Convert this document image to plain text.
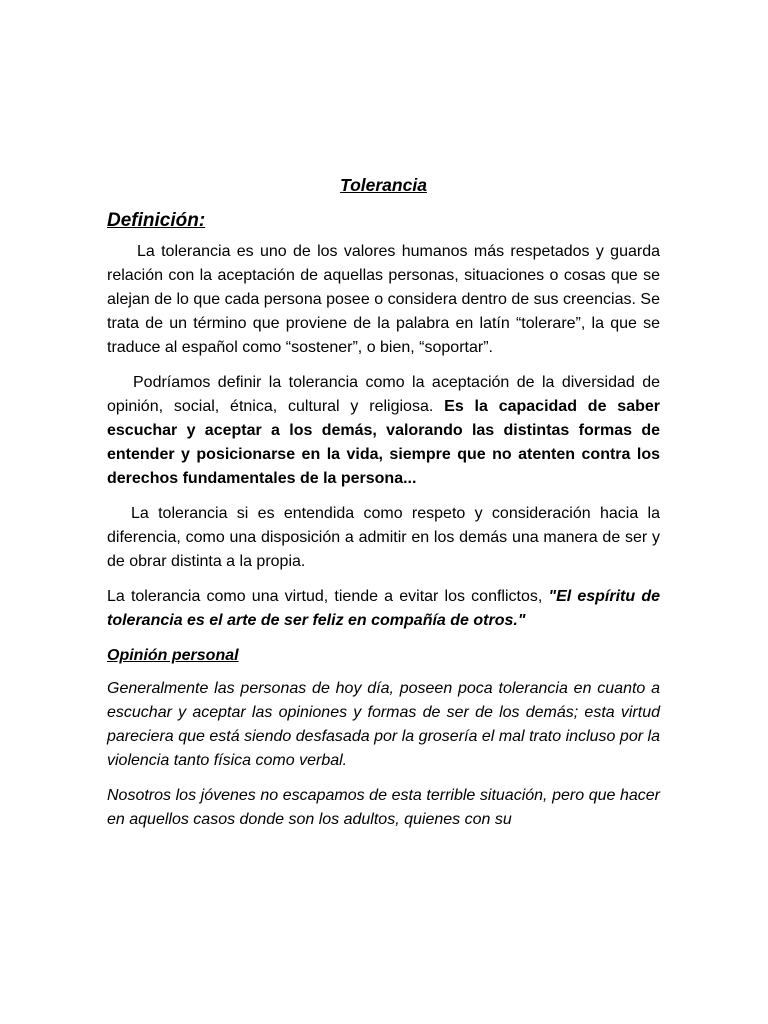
Tolerancia
Definición:

La tolerancia es uno de los valores humanos más respetados y guarda relación con la aceptación de aquellas personas, situaciones o cosas que se alejan de lo que cada persona posee o considera dentro de sus creencias. Se trata de un término que proviene de la palabra en latín “tolerare”, la que se traduce al español como “sostener”, o bien, “soportar”.

Podríamos definir la tolerancia como la aceptación de la diversidad de opinión, social, étnica, cultural y religiosa. Es la capacidad de saber escuchar y aceptar a los demás, valorando las distintas formas de entender y posicionarse en la vida, siempre que no atenten contra los derechos fundamentales de la persona...

La tolerancia si es entendida como respeto y consideración hacia la diferencia, como una disposición a admitir en los demás una manera de ser y de obrar distinta a la propia.

La tolerancia como una virtud, tiende a evitar los conflictos, "El espíritu de tolerancia es el arte de ser feliz en compañía de otros."

Opinión personal

Generalmente las personas de hoy día, poseen poca tolerancia en cuanto a escuchar y aceptar las opiniones y formas de ser de los demás; esta virtud pareciera que está siendo desfasada por la grosería el mal trato incluso por la violencia tanto física como verbal.

Nosotros los jóvenes no escapamos de esta terrible situación, pero que hacer en aquellos casos donde son los adultos, quienes con su
